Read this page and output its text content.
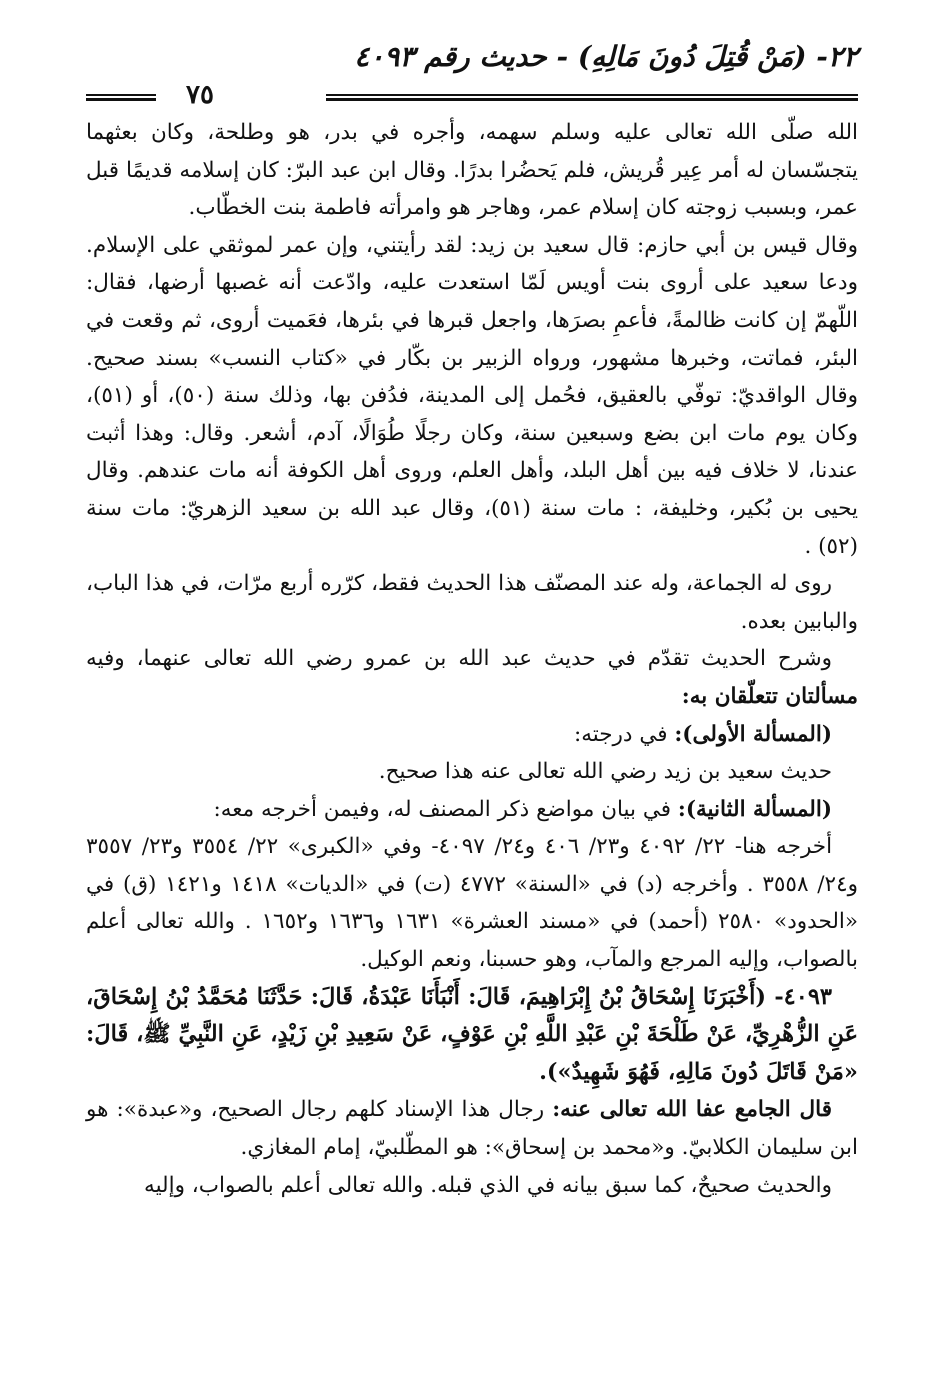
٢٢- (مَنْ قُتِلَ دُونَ مَالِهِ) - حديث رقم ٤٠٩٣
٧٥

الله صلّى الله تعالى عليه وسلم سهمه، وأجره في بدر، هو وطلحة، وكان بعثهما يتجسّسان له أمر عِير قُريش، فلم يَحضُرا بدرًا. وقال ابن عبد البرّ: كان إسلامه قديمًا قبل عمر، وبسبب زوجته كان إسلام عمر، وهاجر هو وامرأته فاطمة بنت الخطّاب.

وقال قيس بن أبي حازم: قال سعيد بن زيد: لقد رأيتني، وإن عمر لموثقي على الإسلام. ودعا سعيد على أروى بنت أويس لَمّا استعدت عليه، وادّعت أنه غصبها أرضها، فقال: اللّهمّ إن كانت ظالمةً، فأعمِ بصرَها، واجعل قبرها في بئرها، فعَميت أروى، ثم وقعت في البئر، فماتت، وخبرها مشهور، ورواه الزبير بن بكّار في «كتاب النسب» بسند صحيح. وقال الواقديّ: توفّي بالعقيق، فحُمل إلى المدينة، فدُفن بها، وذلك سنة (٥٠)، أو (٥١)، وكان يوم مات ابن بضع وسبعين سنة، وكان رجلًا طُوَالًا، آدم، أشعر. وقال: وهذا أثبت عندنا، لا خلاف فيه بين أهل البلد، وأهل العلم، وروى أهل الكوفة أنه مات عندهم. وقال يحيى بن بُكير، وخليفة، : مات سنة (٥١)، وقال عبد الله بن سعيد الزهريّ: مات سنة (٥٢) .

روى له الجماعة، وله عند المصنّف هذا الحديث فقط، كرّره أربع مرّات، في هذا الباب، والبابين بعده.

وشرح الحديث تقدّم في حديث عبد الله بن عمرو رضي الله تعالى عنهما، وفيه مسألتان تتعلّقان به:

(المسألة الأولى): في درجته:

حديث سعيد بن زيد رضي الله تعالى عنه هذا صحيح.

(المسألة الثانية): في بيان مواضع ذكر المصنف له، وفيمن أخرجه معه:

أخرجه هنا- ٢٢/ ٤٠٩٢ و٢٣/ ٤٠٦ و٢٤/ ٤٠٩٧- وفي «الكبرى» ٢٢/ ٣٥٥٤ و٢٣/ ٣٥٥٧ و٢٤/ ٣٥٥٨ . وأخرجه (د) في «السنة» ٤٧٧٢ (ت) في «الديات» ١٤١٨ و١٤٢١ (ق) في «الحدود» ٢٥٨٠ (أحمد) في «مسند العشرة» ١٦٣١ و١٦٣٦ و١٦٥٢ . والله تعالى أعلم بالصواب، وإليه المرجع والمآب، وهو حسبنا، ونعم الوكيل.

٤٠٩٣- (أَخْبَرَنَا إِسْحَاقُ بْنُ إِبْرَاهِيمَ، قَالَ: أَنْبَأَنَا عَبْدَةُ، قَالَ: حَدَّثَنَا مُحَمَّدُ بْنُ إِسْحَاقَ، عَنِ الزُّهْرِيِّ، عَنْ طَلْحَةَ بْنِ عَبْدِ اللَّهِ بْنِ عَوْفٍ، عَنْ سَعِيدِ بْنِ زَيْدٍ، عَنِ النَّبِيِّ ﷺ، قَالَ: «مَنْ قَاتَلَ دُونَ مَالِهِ، فَهُوَ شَهِيدٌ»).

قال الجامع عفا الله تعالى عنه: رجال هذا الإسناد كلهم رجال الصحيح، و«عبدة»: هو ابن سليمان الكلابيّ. و«محمد بن إسحاق»: هو المطّلبيّ، إمام المغازي.

والحديث صحيحٌ، كما سبق بيانه في الذي قبله. والله تعالى أعلم بالصواب، وإليه
